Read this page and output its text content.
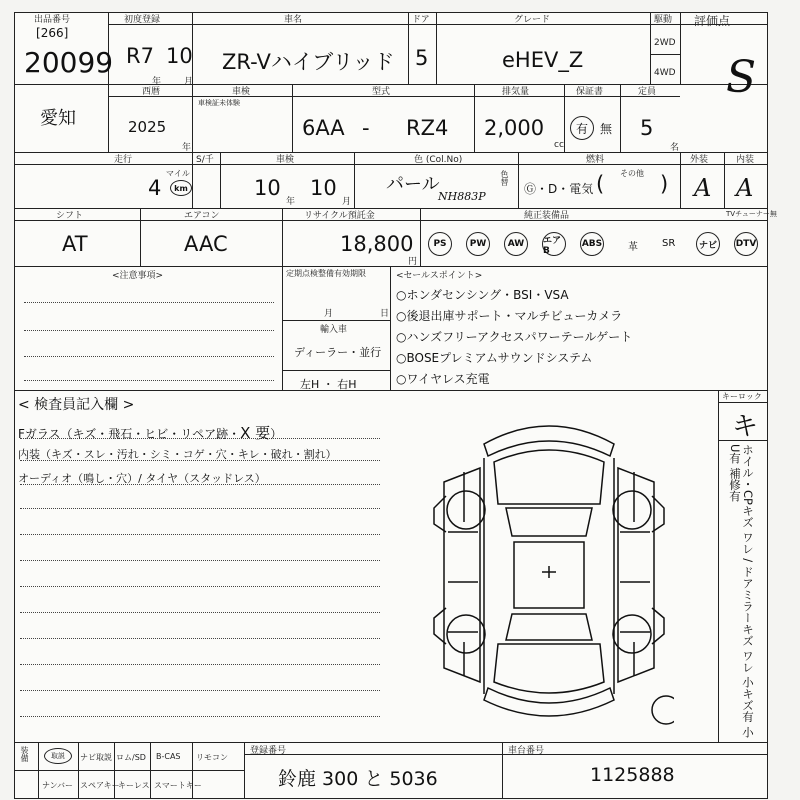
出品番号
[266]
20099
初度登録
R7 10
年	月
車名
ZR-Vハイブリッド
ドア
5
グレード
eHEV_Z
駆動
2WD
4WD
評価点
S
愛知
西暦
2025
年
車検
車検証未体験
型式
6AA - RZ4
排気量
2,000
cc
保証書
有	無
定員
5
名
走行	S/千
4
マイル
km
車検
10
年
10
月
色 (Col.No)
パール
NH883P
色替
燃料
Ⓖ・D・電気
その他
(	)
外装
A
内装
A
シフト
AT
エアコン
AAC
リサイクル預託金
18,800
円
純正装備品	TVチューナー無
PS	PW	AW	エアB
ABS	革 SR	ナビ	DTV
<注意事項>	定期点検整備有効期限
月	日
輸入車
ディーラー・並行
左H ・ 右H
<セールスポイント>
○ホンダセンシング・BSI・VSA
○後退出庫サポート・マルチビューカメラ
○ハンズフリーアクセスパワーテールゲート
○BOSEプレミアムサウンドシステム
○ワイヤレス充電
< 検査員記入欄 >
Fガラス（キズ・飛石・ヒビ・リペア跡・X 要）
内装（キズ・スレ・汚れ・シミ・コゲ・穴・キレ・破れ・割れ）
オーディオ（鳴し・穴）/ タイヤ（スタッドレス）
キーロック
キ
ホイル・CPキズ ワレ / ドアミラーキズ ワレ 小キズ有 小U有 補修有
装備	取説	ナビ取説 ロム/SD B-CAS リモコン
ナンバー スペアキー
キーレス スマートキー
登録番号
鈴鹿 300 と 5036
車台番号
1125888
